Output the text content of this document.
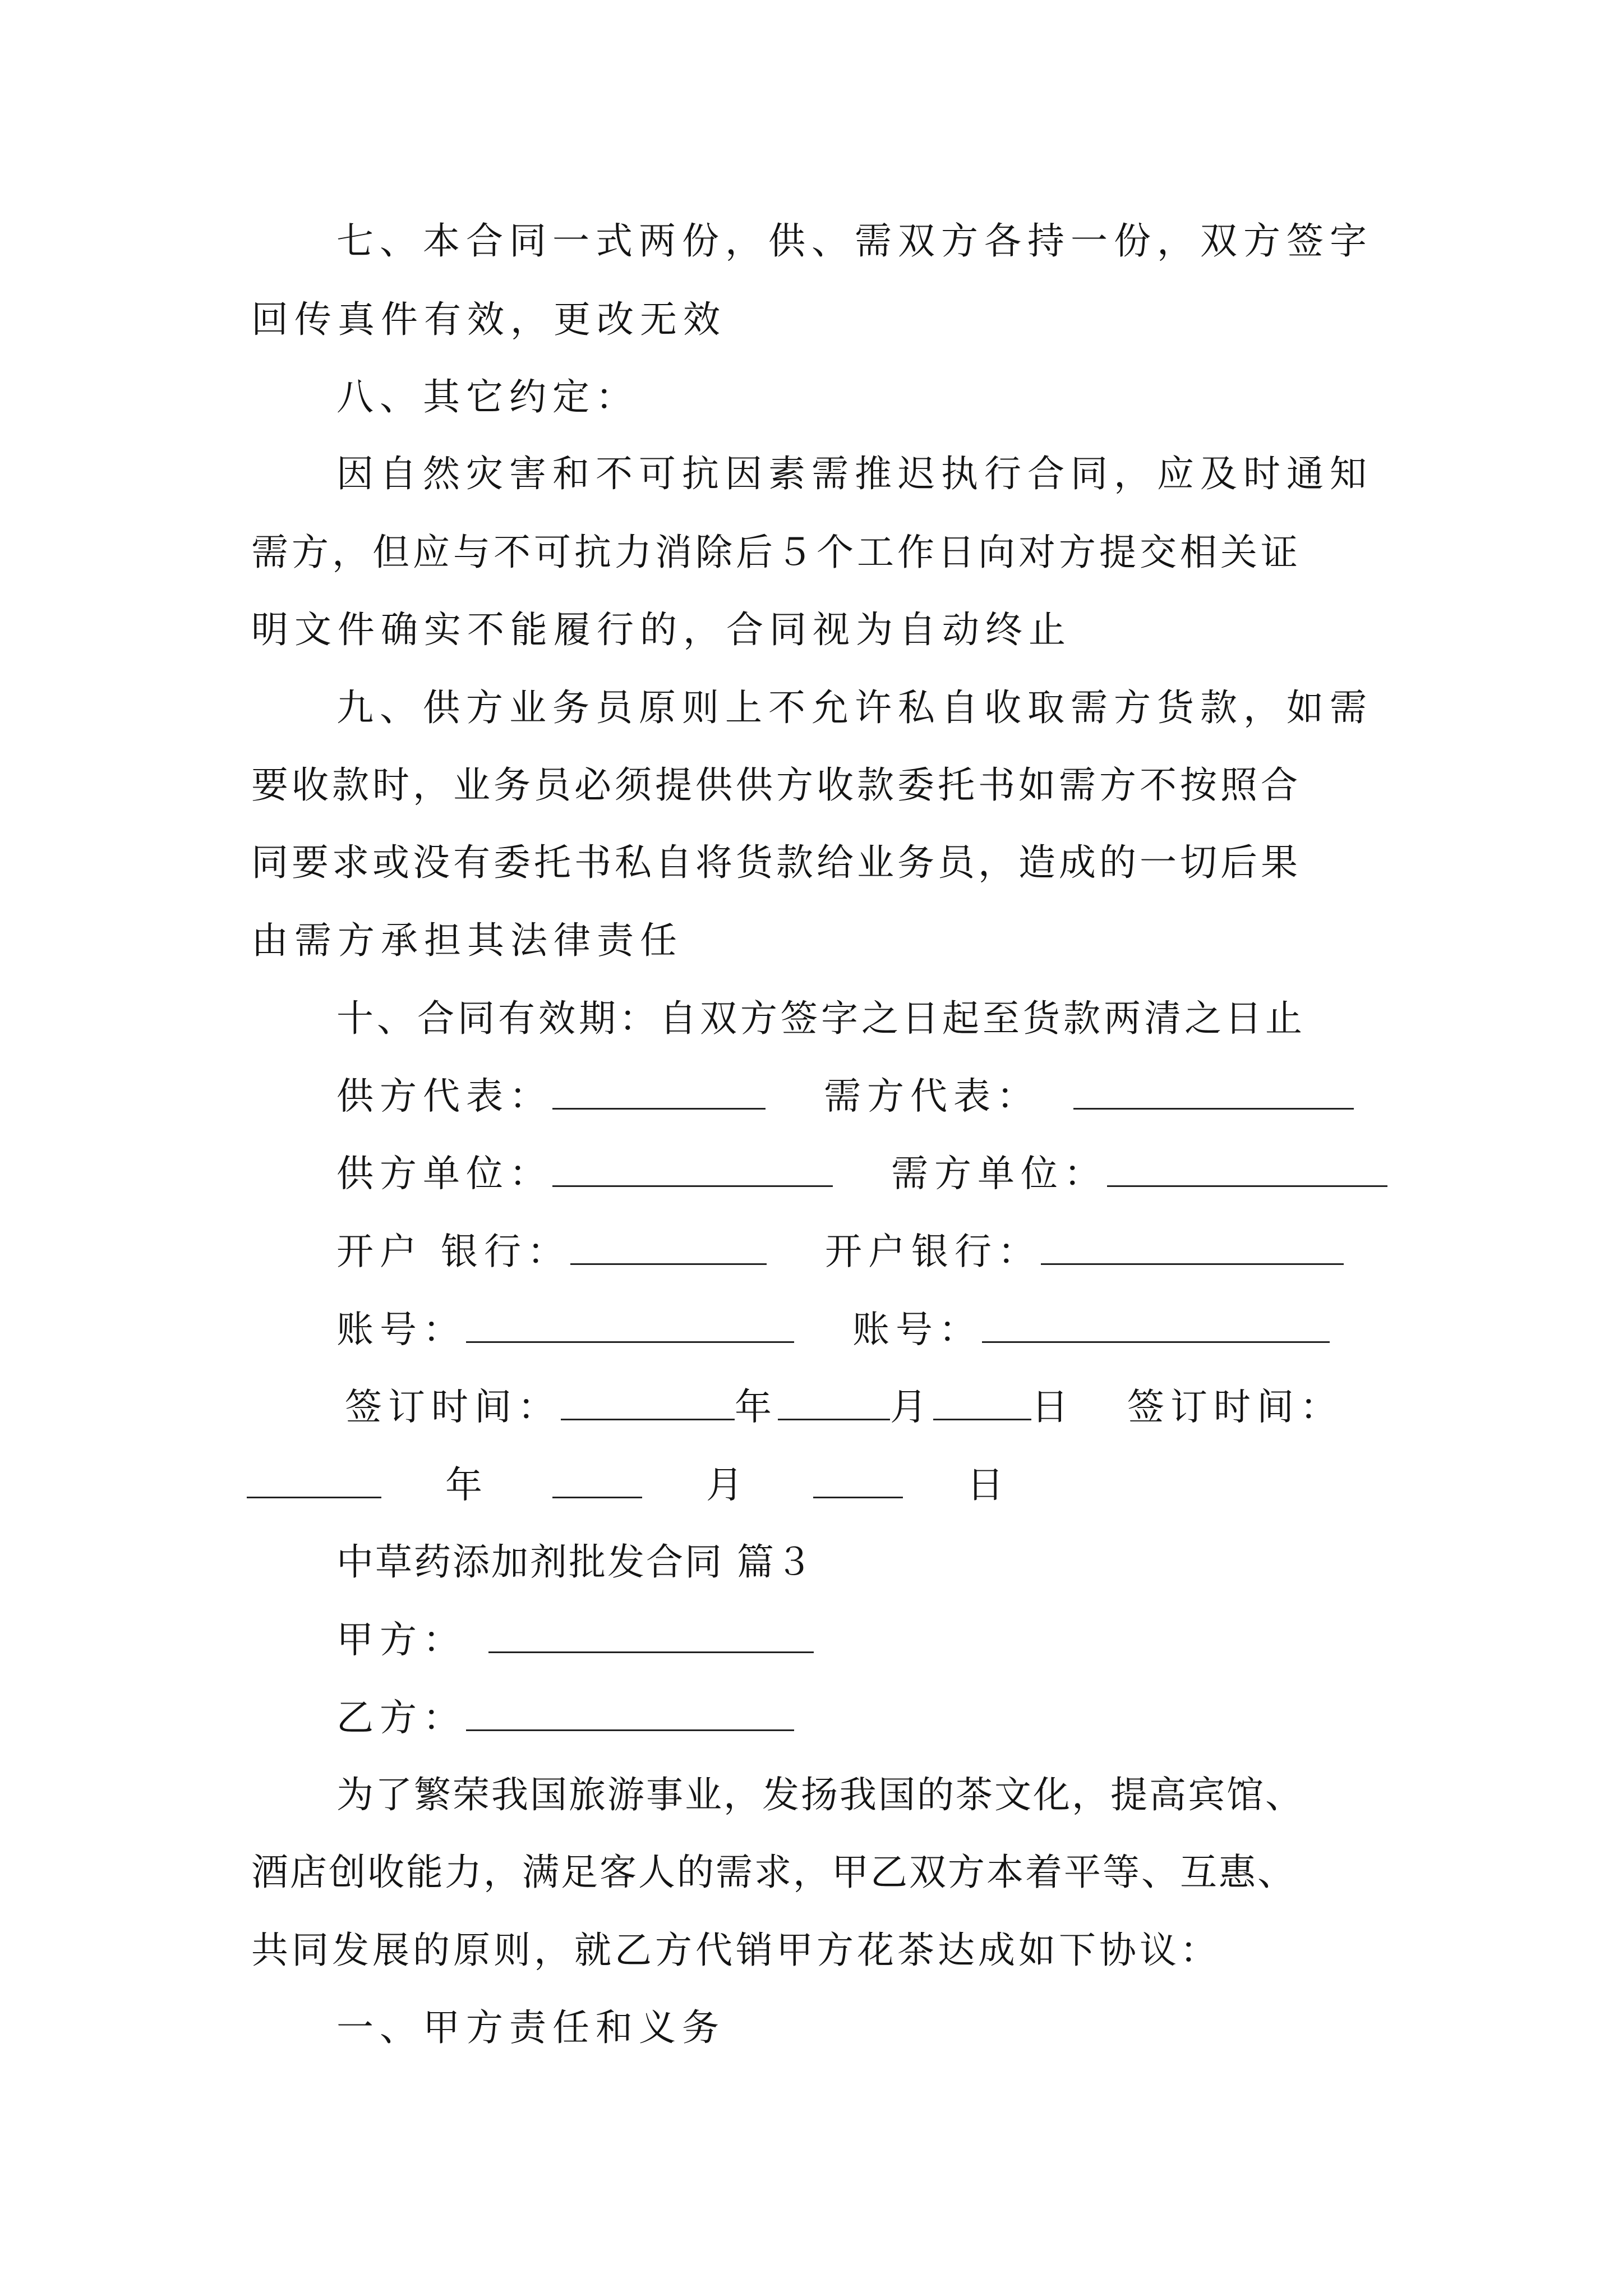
七、本合同一式两份，供、需双方各持一份，双方签字

回传真件有效，更改无效

八、其它约定：

因自然灾害和不可抗因素需推迟执行合同，应及时通知

需方，但应与不可抗力消除后５个工作日向对方提交相关证

明文件确实不能履行的，合同视为自动终止

九、供方业务员原则上不允许私自收取需方货款，如需

要收款时，业务员必须提供供方收款委托书如需方不按照合

同要求或没有委托书私自将货款给业务员，造成的一切后果

由需方承担其法律责任

十、合同有效期：自双方签字之日起至货款两清之日止

供方代表：	需方代表：
供方单位：	需方单位：
开户 银行：	开户银行：
账号：	账号：
签订时间：	年	月	日 签订时间：
年	月	日

中草药添加剂批发合同 篇３

甲方：
乙方：

为了繁荣我国旅游事业，发扬我国的茶文化，提高宾馆、

酒店创收能力，满足客人的需求，甲乙双方本着平等、互惠、

共同发展的原则，就乙方代销甲方花茶达成如下协议：

一、甲方责任和义务
